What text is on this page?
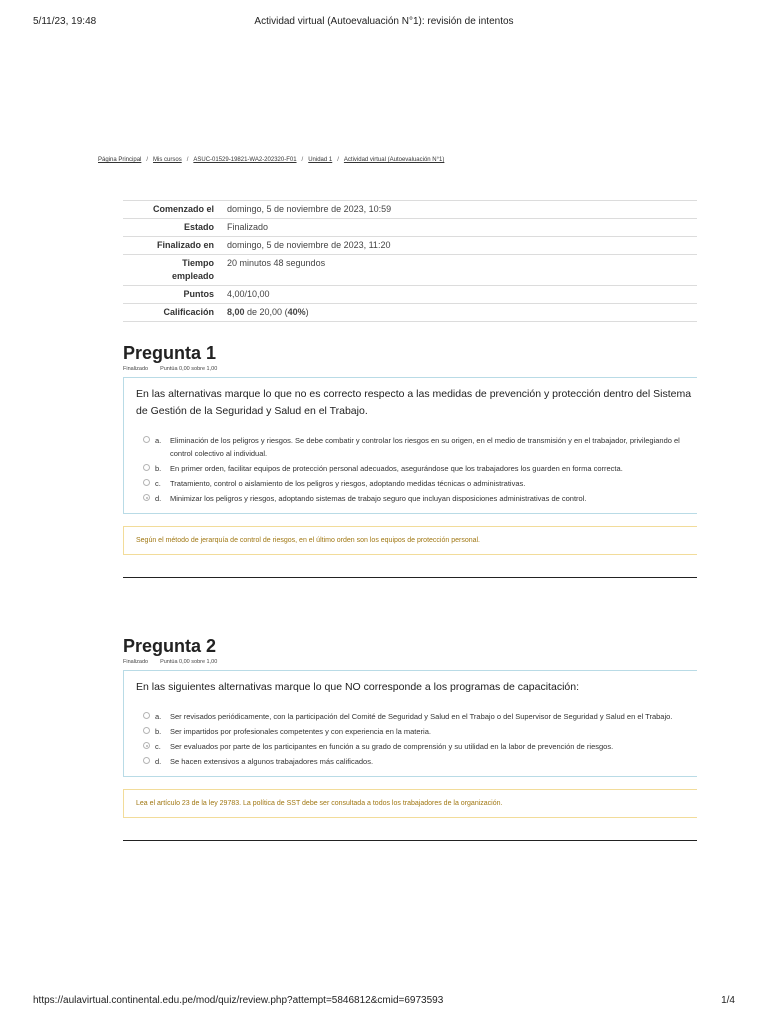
5/11/23, 19:48	Actividad virtual (Autoevaluación N°1): revisión de intentos
Página Principal / Mis cursos / ASUC-01529-19821-WA2-202320-F01 / Unidad 1 / Actividad virtual (Autoevaluación N°1)
Comenzado el	domingo, 5 de noviembre de 2023, 10:59
Estado	Finalizado
Finalizado en	domingo, 5 de noviembre de 2023, 11:20
Tiempo empleado	20 minutos 48 segundos
Puntos	4,00/10,00
Calificación	8,00 de 20,00 (40%)
Pregunta 1
Finalizado Puntúa 0,00 sobre 1,00

En las alternativas marque lo que no es correcto respecto a las medidas de prevención y protección dentro del Sistema de Gestión de la Seguridad y Salud en el Trabajo.

a. Eliminación de los peligros y riesgos. Se debe combatir y controlar los riesgos en su origen, en el medio de transmisión y en el trabajador, privilegiando el control colectivo al individual.
b. En primer orden, facilitar equipos de protección personal adecuados, asegurándose que los trabajadores los guarden en forma correcta.
c. Tratamiento, control o aislamiento de los peligros y riesgos, adoptando medidas técnicas o administrativas.
d. Minimizar los peligros y riesgos, adoptando sistemas de trabajo seguro que incluyan disposiciones administrativas de control.
Según el método de jerarquía de control de riesgos, en el último orden son los equipos de protección personal.
Pregunta 2
Finalizado Puntúa 0,00 sobre 1,00

En las siguientes alternativas marque lo que NO corresponde a los programas de capacitación:

a. Ser revisados periódicamente, con la participación del Comité de Seguridad y Salud en el Trabajo o del Supervisor de Seguridad y Salud en el Trabajo.
b. Ser impartidos por profesionales competentes y con experiencia en la materia.
c. Ser evaluados por parte de los participantes en función a su grado de comprensión y su utilidad en la labor de prevención de riesgos.
d. Se hacen extensivos a algunos trabajadores más calificados.
Lea el artículo 23 de la ley 29783. La política de SST debe ser consultada a todos los trabajadores de la organización.
https://aulavirtual.continental.edu.pe/mod/quiz/review.php?attempt=5846812&cmid=6973593	1/4
